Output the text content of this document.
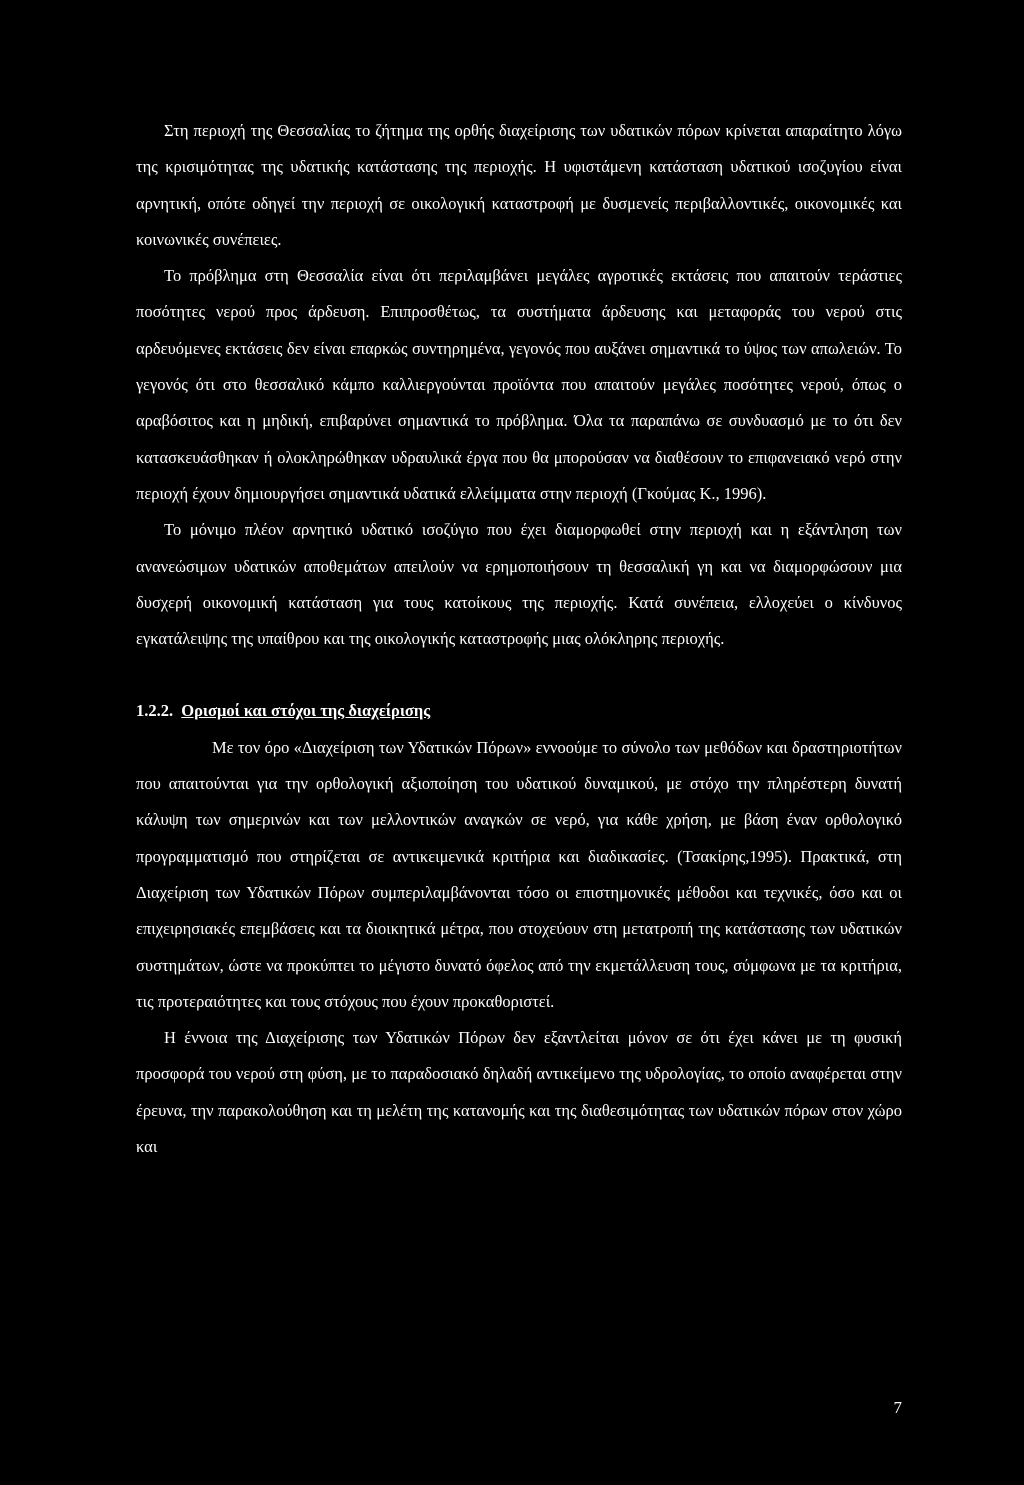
Στη περιοχή της Θεσσαλίας το ζήτημα της ορθής διαχείρισης των υδατικών πόρων κρίνεται απαραίτητο λόγω της κρισιμότητας της υδατικής κατάστασης της περιοχής. Η υφιστάμενη κατάσταση υδατικού ισοζυγίου είναι αρνητική, οπότε οδηγεί την περιοχή σε οικολογική καταστροφή με δυσμενείς περιβαλλοντικές, οικονομικές και κοινωνικές συνέπειες.

Το πρόβλημα στη Θεσσαλία είναι ότι περιλαμβάνει μεγάλες αγροτικές εκτάσεις που απαιτούν τεράστιες ποσότητες νερού προς άρδευση. Επιπροσθέτως, τα συστήματα άρδευσης και μεταφοράς του νερού στις αρδευόμενες εκτάσεις δεν είναι επαρκώς συντηρημένα, γεγονός που αυξάνει σημαντικά το ύψος των απωλειών. Το γεγονός ότι στο θεσσαλικό κάμπο καλλιεργούνται προϊόντα που απαιτούν μεγάλες ποσότητες νερού, όπως ο αραβόσιτος και η μηδική, επιβαρύνει σημαντικά το πρόβλημα. Όλα τα παραπάνω σε συνδυασμό με το ότι δεν κατασκευάσθηκαν ή ολοκληρώθηκαν υδραυλικά έργα που θα μπορούσαν να διαθέσουν το επιφανειακό νερό στην περιοχή έχουν δημιουργήσει σημαντικά υδατικά ελλείμματα στην περιοχή (Γκούμας Κ., 1996).

Το μόνιμο πλέον αρνητικό υδατικό ισοζύγιο που έχει διαμορφωθεί στην περιοχή και η εξάντληση των ανανεώσιμων υδατικών αποθεμάτων απειλούν να ερημοποιήσουν τη θεσσαλική γη και να διαμορφώσουν μια δυσχερή οικονομική κατάσταση για τους κατοίκους της περιοχής. Κατά συνέπεια, ελλοχεύει ο κίνδυνος εγκατάλειψης της υπαίθρου και της οικολογικής καταστροφής μιας ολόκληρης περιοχής.

1.2.2. Ορισμοί και στόχοι της διαχείρισης

Με τον όρο «Διαχείριση των Υδατικών Πόρων» εννοούμε το σύνολο των μεθόδων και δραστηριοτήτων που απαιτούνται για την ορθολογική αξιοποίηση του υδατικού δυναμικού, με στόχο την πληρέστερη δυνατή κάλυψη των σημερινών και των μελλοντικών αναγκών σε νερό, για κάθε χρήση, με βάση έναν ορθολογικό προγραμματισμό που στηρίζεται σε αντικειμενικά κριτήρια και διαδικασίες. (Τσακίρης,1995). Πρακτικά, στη Διαχείριση των Υδατικών Πόρων συμπεριλαμβάνονται τόσο οι επιστημονικές μέθοδοι και τεχνικές, όσο και οι επιχειρησιακές επεμβάσεις και τα διοικητικά μέτρα, που στοχεύουν στη μετατροπή της κατάστασης των υδατικών συστημάτων, ώστε να προκύπτει το μέγιστο δυνατό όφελος από την εκμετάλλευση τους, σύμφωνα με τα κριτήρια, τις προτεραιότητες και τους στόχους που έχουν προκαθοριστεί.

Η έννοια της Διαχείρισης των Υδατικών Πόρων δεν εξαντλείται μόνον σε ότι έχει κάνει με τη φυσική προσφορά του νερού στη φύση, με το παραδοσιακό δηλαδή αντικείμενο της υδρολογίας, το οποίο αναφέρεται στην έρευνα, την παρακολούθηση και τη μελέτη της κατανομής και της διαθεσιμότητας των υδατικών πόρων στον χώρο και

7
